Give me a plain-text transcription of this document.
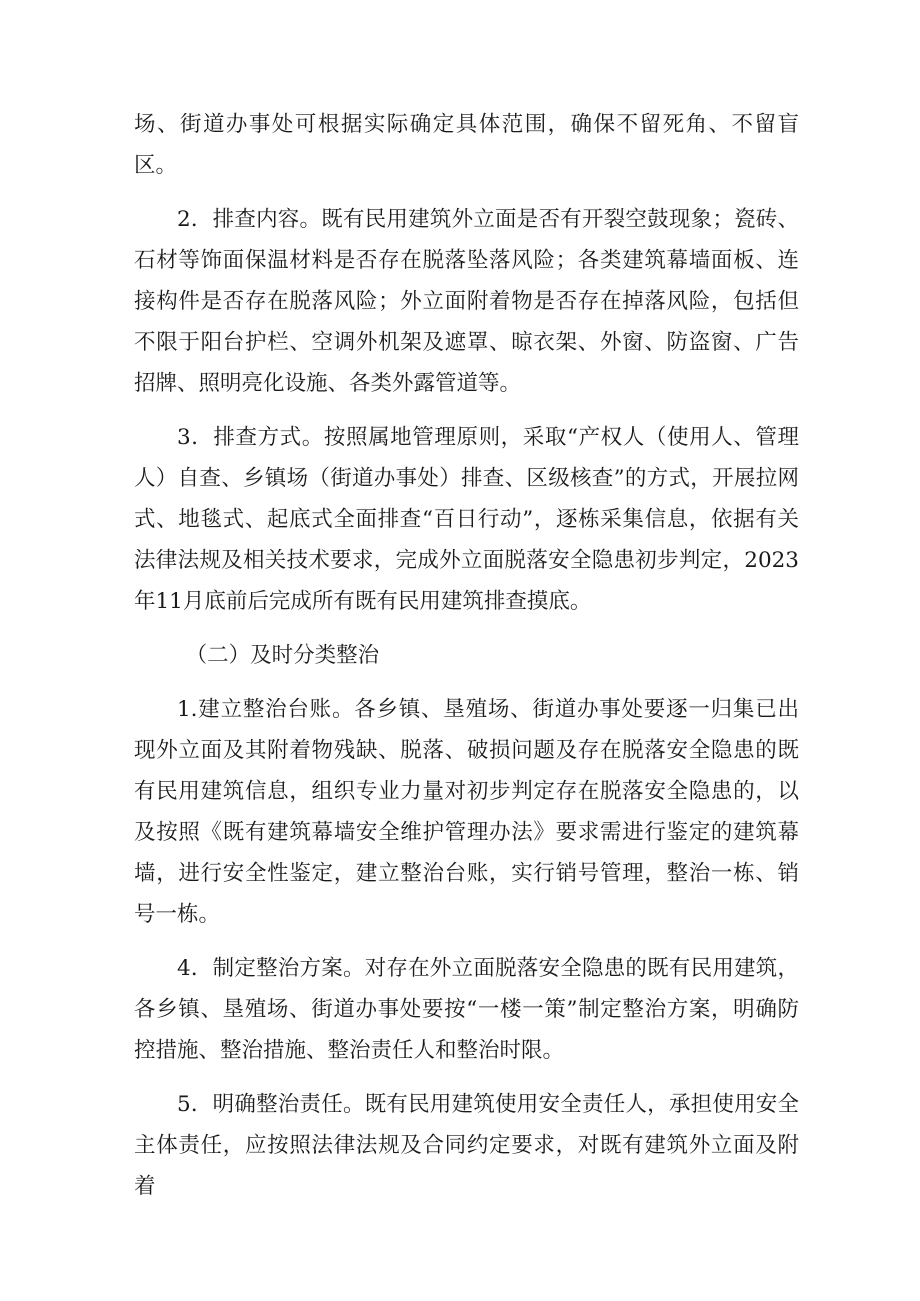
场、街道办事处可根据实际确定具体范围，确保不留死角、不留盲区。

2．排查内容。既有民用建筑外立面是否有开裂空鼓现象；瓷砖、石材等饰面保温材料是否存在脱落坠落风险；各类建筑幕墙面板、连接构件是否存在脱落风险；外立面附着物是否存在掉落风险，包括但不限于阳台护栏、空调外机架及遮罩、晾衣架、外窗、防盗窗、广告招牌、照明亮化设施、各类外露管道等。

3．排查方式。按照属地管理原则，采取“产权人（使用人、管理人）自查、乡镇场（街道办事处）排查、区级核查”的方式，开展拉网式、地毯式、起底式全面排查“百日行动”，逐栋采集信息，依据有关法律法规及相关技术要求，完成外立面脱落安全隐患初步判定，2023年11月底前后完成所有既有民用建筑排查摸底。

（二）及时分类整治

1.建立整治台账。各乡镇、垦殖场、街道办事处要逐一归集已出现外立面及其附着物残缺、脱落、破损问题及存在脱落安全隐患的既有民用建筑信息，组织专业力量对初步判定存在脱落安全隐患的，以及按照《既有建筑幕墙安全维护管理办法》要求需进行鉴定的建筑幕墙，进行安全性鉴定，建立整治台账，实行销号管理，整治一栋、销号一栋。

4．制定整治方案。对存在外立面脱落安全隐患的既有民用建筑，各乡镇、垦殖场、街道办事处要按“一楼一策”制定整治方案，明确防控措施、整治措施、整治责任人和整治时限。

5．明确整治责任。既有民用建筑使用安全责任人，承担使用安全主体责任，应按照法律法规及合同约定要求，对既有建筑外立面及附着
